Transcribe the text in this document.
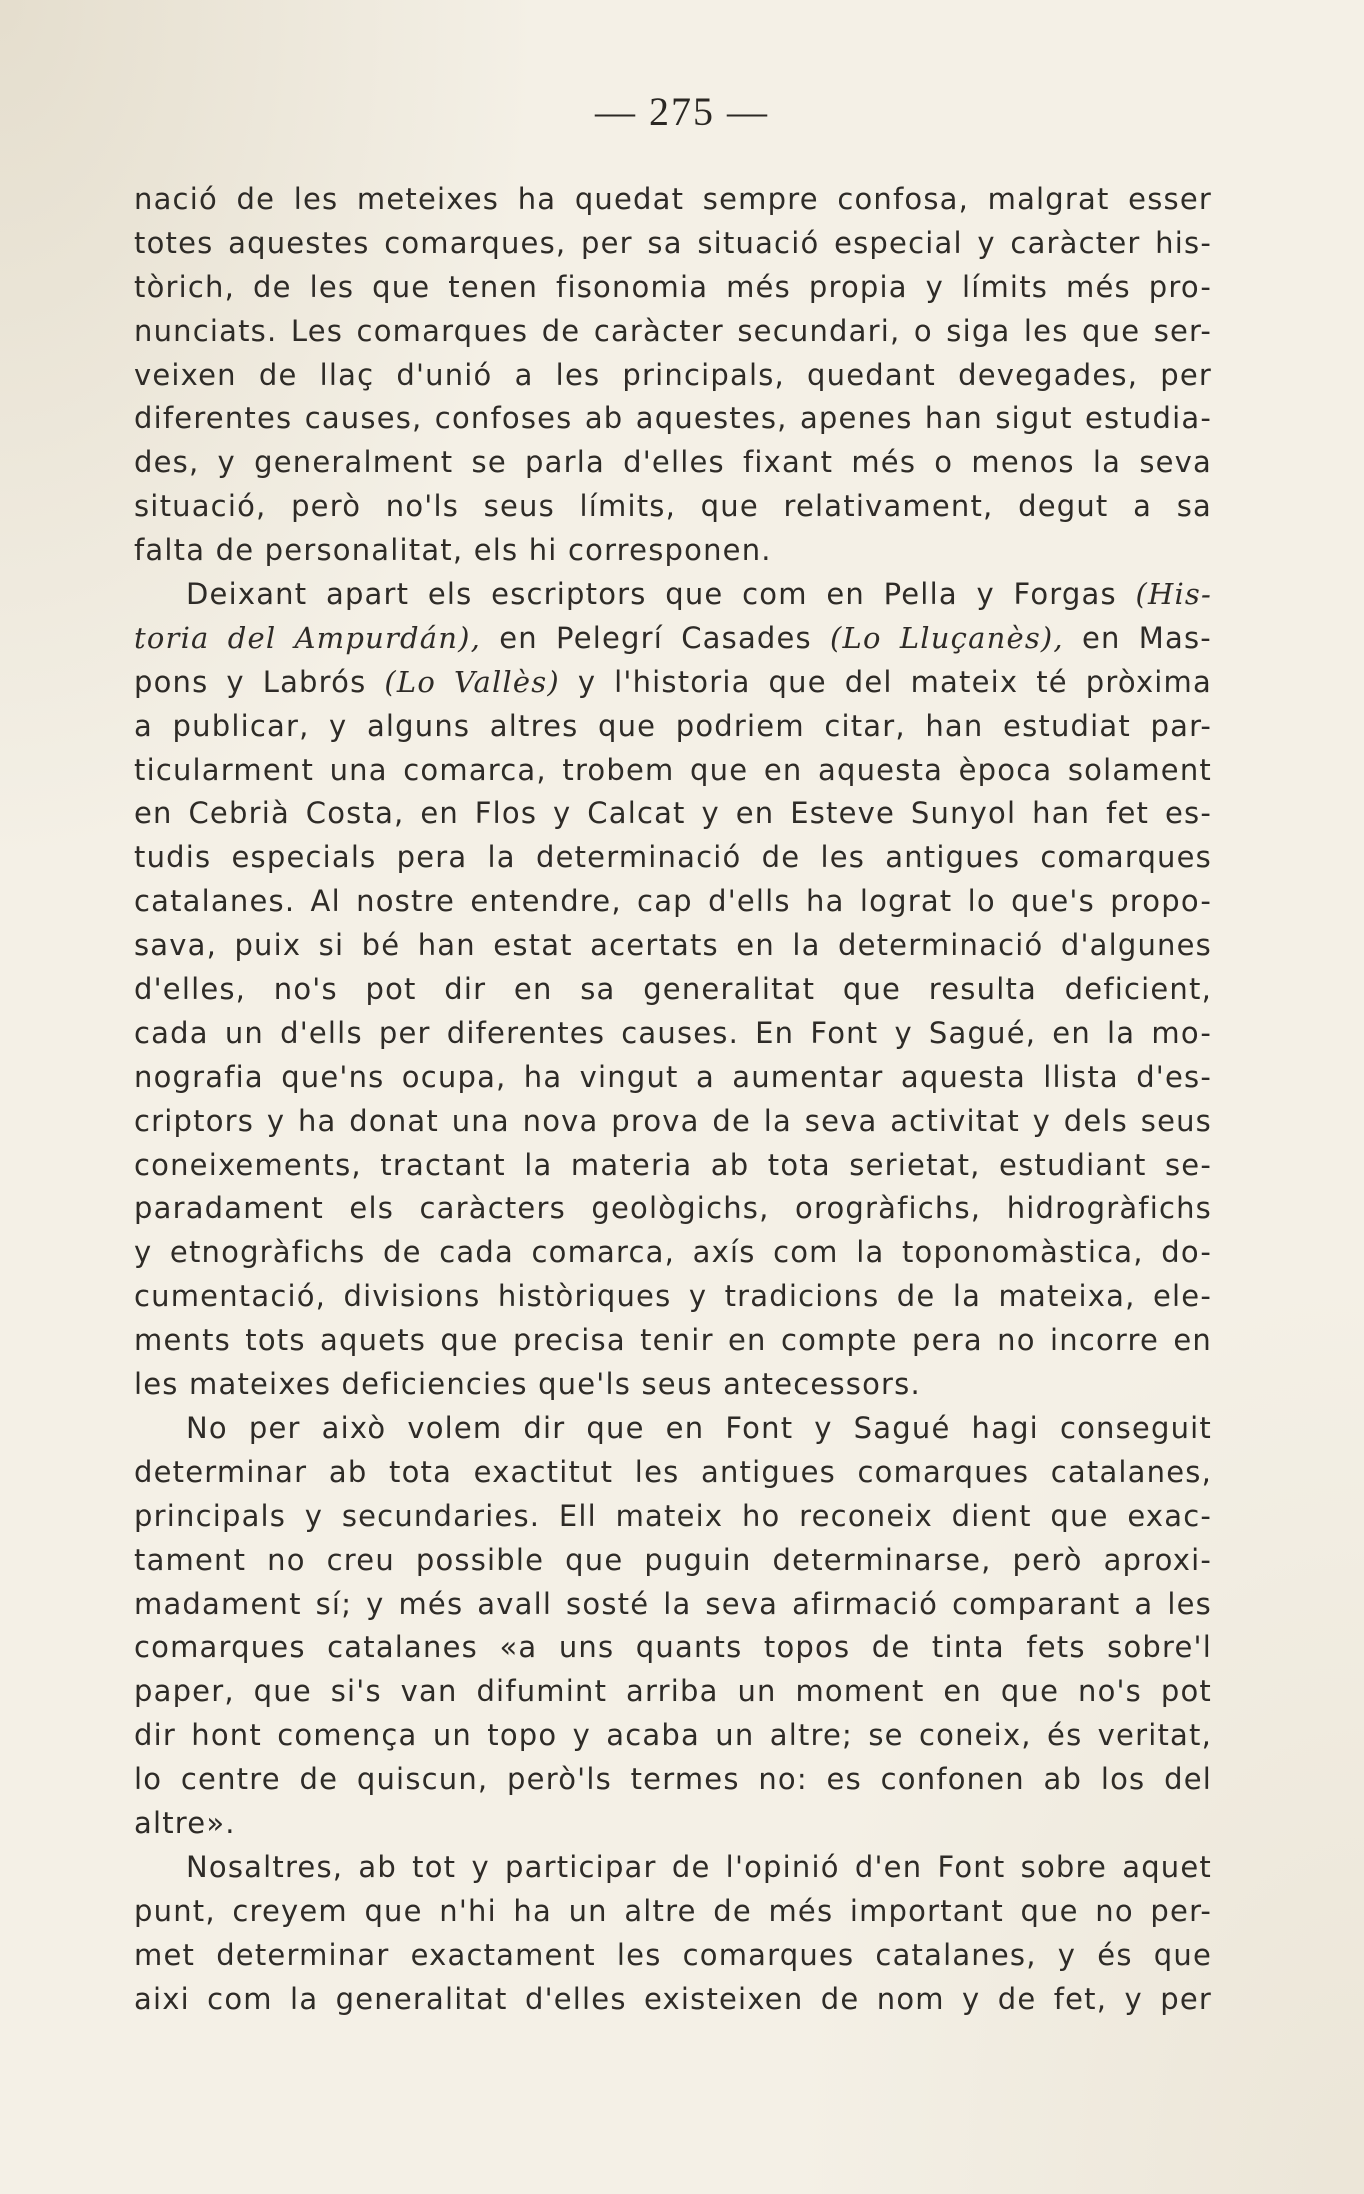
— 275 —
nació de les meteixes ha quedat sempre confosa, malgrat esser
totes aquestes comarques, per sa situació especial y caràcter his-
tòrich, de les que tenen fisonomia més propia y límits més pro-
nunciats. Les comarques de caràcter secundari, o siga les que ser-
veixen de llaç d'unió a les principals, quedant devegades, per
diferentes causes, confoses ab aquestes, apenes han sigut estudia-
des, y generalment se parla d'elles fixant més o menos la seva
situació, però no'ls seus límits, que relativament, degut a sa
falta de personalitat, els hi corresponen.
Deixant apart els escriptors que com en Pella y Forgas (His-
toria del Ampurdán), en Pelegrí Casades (Lo Lluçanès), en Mas-
pons y Labrós (Lo Vallès) y l'historia que del mateix té pròxima
a publicar, y alguns altres que podriem citar, han estudiat par-
ticularment una comarca, trobem que en aquesta època solament
en Cebrià Costa, en Flos y Calcat y en Esteve Sunyol han fet es-
tudis especials pera la determinació de les antigues comarques
catalanes. Al nostre entendre, cap d'ells ha lograt lo que's propo-
sava, puix si bé han estat acertats en la determinació d'algunes
d'elles, no's pot dir en sa generalitat que resulta deficient,
cada un d'ells per diferentes causes. En Font y Sagué, en la mo-
nografia que'ns ocupa, ha vingut a aumentar aquesta llista d'es-
criptors y ha donat una nova prova de la seva activitat y dels seus
coneixements, tractant la materia ab tota serietat, estudiant se-
paradament els caràcters geològichs, orogràfichs, hidrogràfichs
y etnogràfichs de cada comarca, axís com la toponomàstica, do-
cumentació, divisions històriques y tradicions de la mateixa, ele-
ments tots aquets que precisa tenir en compte pera no incorre en
les mateixes deficiencies que'ls seus antecessors.
No per això volem dir que en Font y Sagué hagi conseguit
determinar ab tota exactitut les antigues comarques catalanes,
principals y secundaries. Ell mateix ho reconeix dient que exac-
tament no creu possible que puguin determinarse, però aproxi-
madament sí; y més avall sosté la seva afirmació comparant a les
comarques catalanes «a uns quants topos de tinta fets sobre'l
paper, que si's van difumint arriba un moment en que no's pot
dir hont comença un topo y acaba un altre; se coneix, és veritat,
lo centre de quiscun, però'ls termes no: es confonen ab los del
altre».
Nosaltres, ab tot y participar de l'opinió d'en Font sobre aquet
punt, creyem que n'hi ha un altre de més important que no per-
met determinar exactament les comarques catalanes, y és que
aixi com la generalitat d'elles existeixen de nom y de fet, y per
